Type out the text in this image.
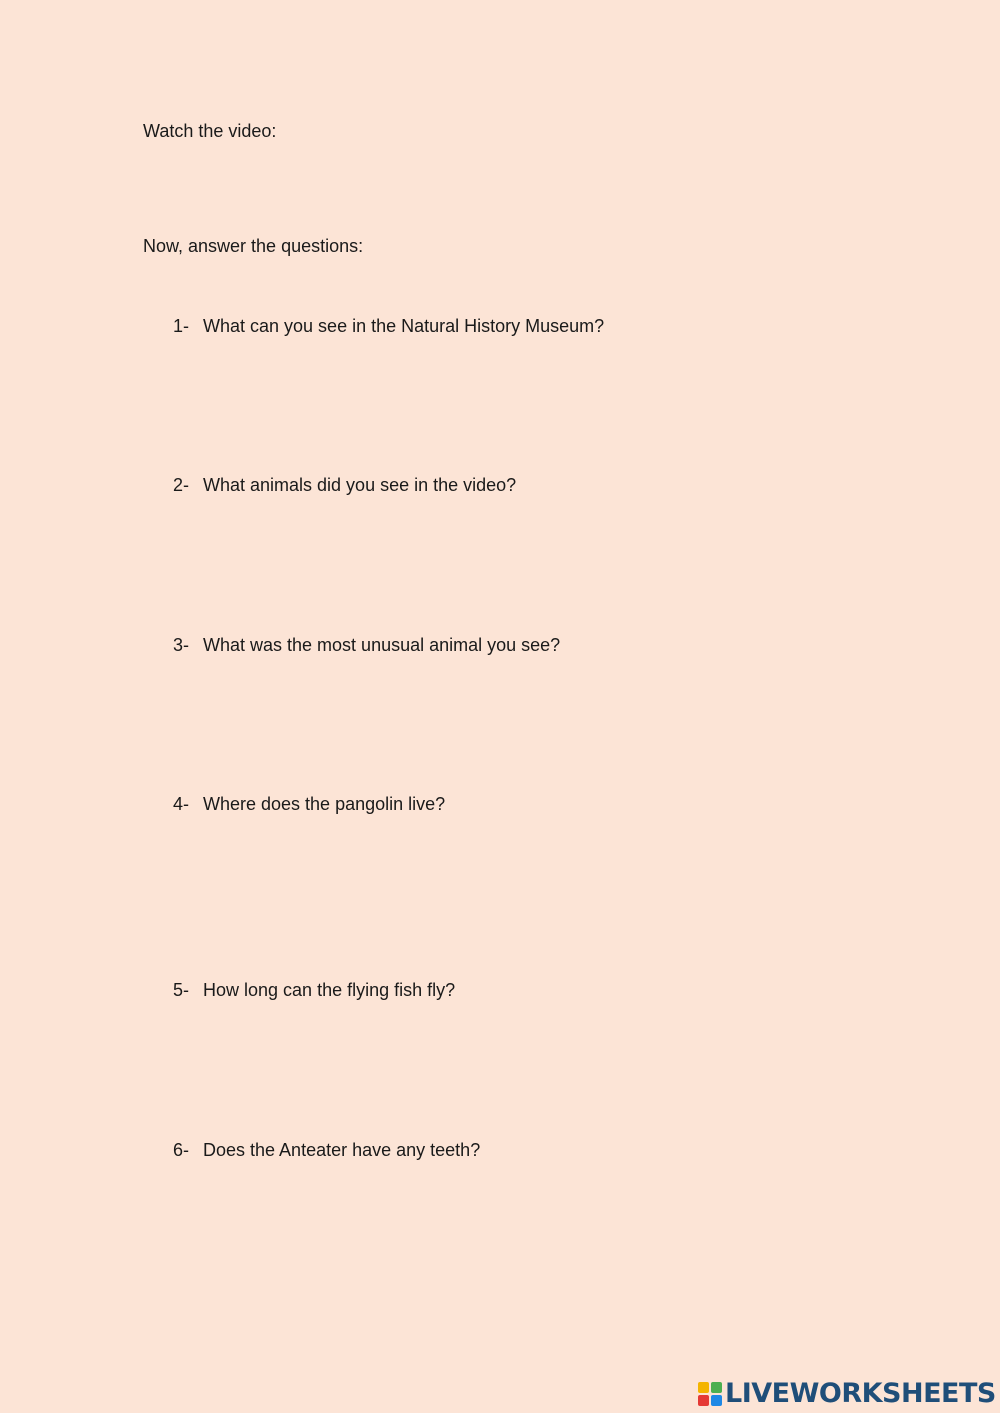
Watch the video:
Now, answer the questions:
1- What can you see in the Natural History Museum?
2- What animals did you see in the video?
3- What was the most unusual animal you see?
4- Where does the pangolin live?
5- How long can the flying fish fly?
6- Does the Anteater have any teeth?
LIVEWORKSHEETS
